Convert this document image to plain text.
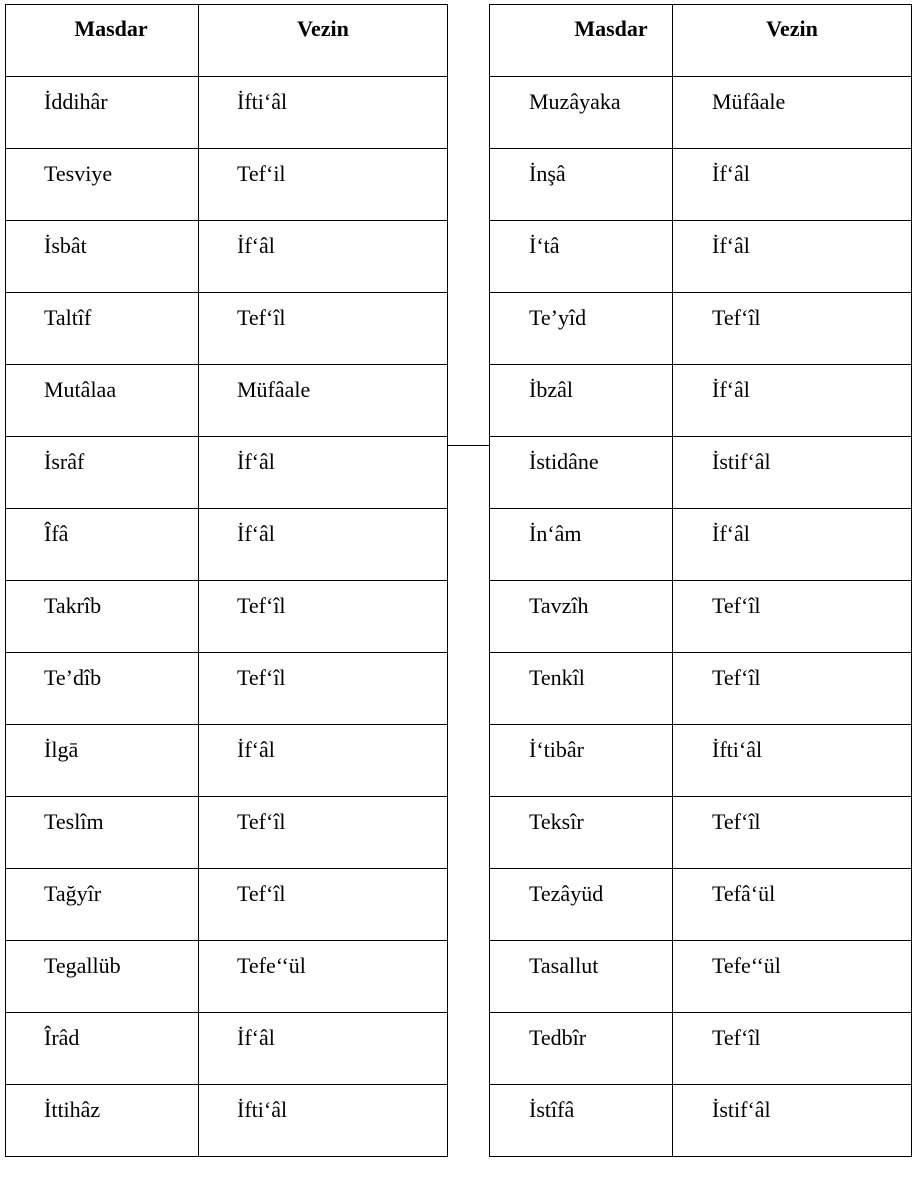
Masdar	Vezin
İddihâr	İfti‘âl
Tesviye	Tef‘il
İsbât	İf‘âl
Taltîf	Tef‘îl
Mutâlaa	Müfâale
İsrâf	İf‘âl
Îfâ	İf‘âl
Takrîb	Tef‘îl
Te’dîb	Tef‘îl
İlgā	İf‘âl
Teslîm	Tef‘îl
Tağyîr	Tef‘îl
Tegallüb	Tefe‘‘ül
Îrâd	İf‘âl
İttihâz	İfti‘âl
Masdar	Vezin
Muzâyaka	Müfâale
İnşâ	İf‘âl
İ‘tâ	İf‘âl
Te’yîd	Tef‘îl
İbzâl	İf‘âl
İstidâne	İstif‘âl
İn‘âm	İf‘âl
Tavzîh	Tef‘îl
Tenkîl	Tef‘îl
İ‘tibâr	İfti‘âl
Teksîr	Tef‘îl
Tezâyüd	Tefâ‘ül
Tasallut	Tefe‘‘ül
Tedbîr	Tef‘îl
İstîfâ	İstif‘âl
